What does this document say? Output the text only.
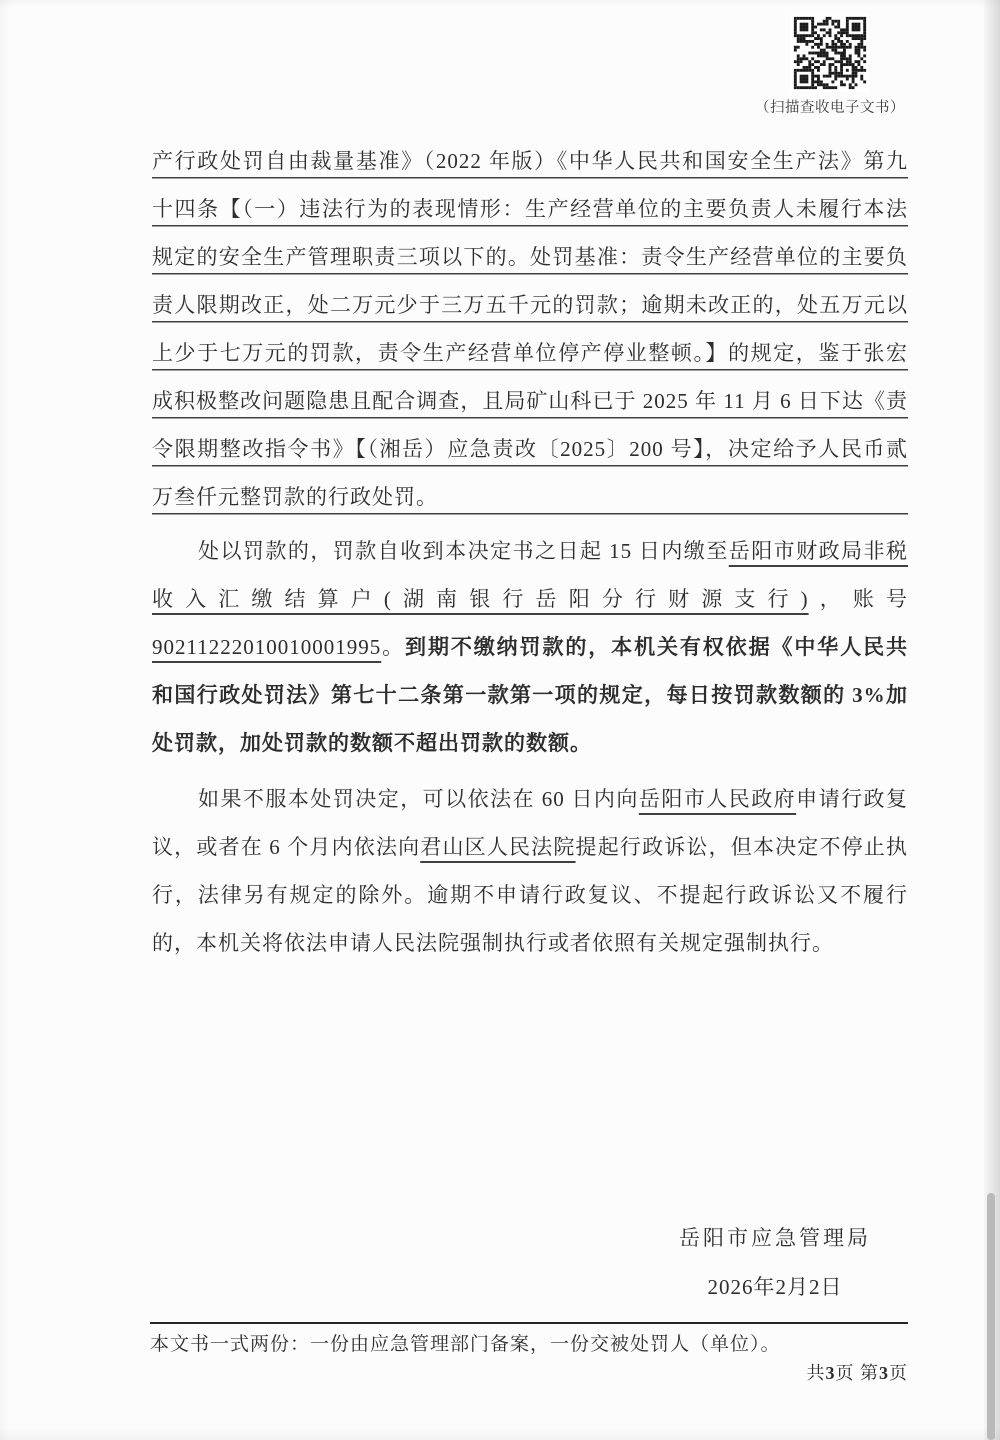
（扫描查收电子文书）

产行政处罚自由裁量基准》（2022 年版）《中华人民共和国安全生产法》第九十四条【（一）违法行为的表现情形：生产经营单位的主要负责人未履行本法规定的安全生产管理职责三项以下的。处罚基准：责令生产经营单位的主要负责人限期改正，处二万元少于三万五千元的罚款；逾期未改正的，处五万元以上少于七万元的罚款，责令生产经营单位停产停业整顿。】的规定，鉴于张宏成积极整改问题隐患且配合调查，且局矿山科已于 2025 年 11 月 6 日下达《责令限期整改指令书》【（湘岳）应急责改〔2025〕200 号】，决定给予人民币贰万叁仟元整罚款的行政处罚。

处以罚款的，罚款自收到本决定书之日起 15 日内缴至岳阳市财政局非税收入汇缴结算户(湖南银行岳阳分行财源支行)，账号 90211222010010001995。到期不缴纳罚款的，本机关有权依据《中华人民共和国行政处罚法》第七十二条第一款第一项的规定，每日按罚款数额的 3%加处罚款，加处罚款的数额不超出罚款的数额。

如果不服本处罚决定，可以依法在 60 日内向岳阳市人民政府申请行政复议，或者在 6 个月内依法向君山区人民法院提起行政诉讼，但本决定不停止执行，法律另有规定的除外。逾期不申请行政复议、不提起行政诉讼又不履行的，本机关将依法申请人民法院强制执行或者依照有关规定强制执行。

岳阳市应急管理局
2026年2月2日
本文书一式两份：一份由应急管理部门备案，一份交被处罚人（单位）。
共3页 第3页
